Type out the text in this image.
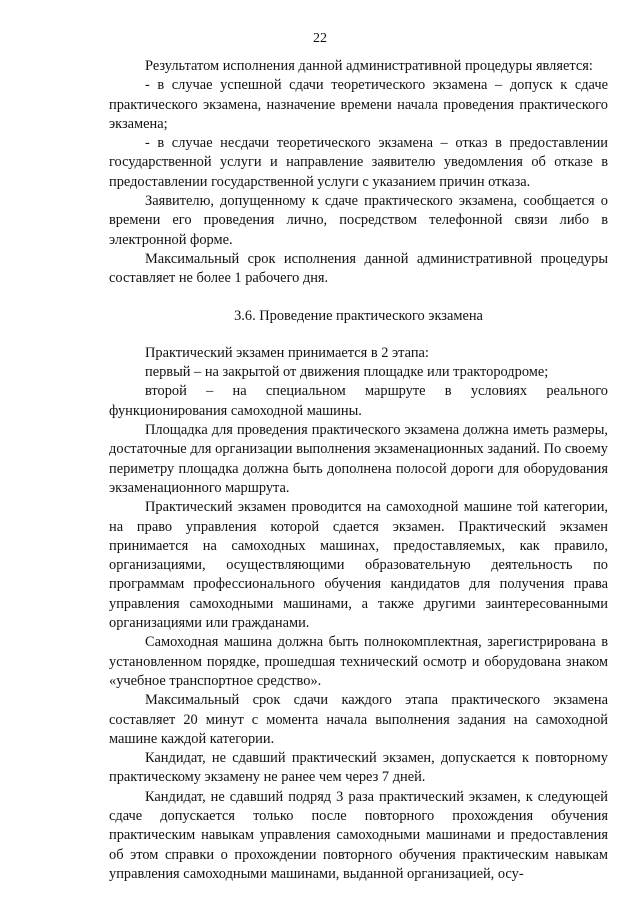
22

Результатом исполнения данной административной процедуры является:

- в случае успешной сдачи теоретического экзамена – допуск к сдаче практического экзамена, назначение времени начала проведения практического экзамена;

- в случае несдачи теоретического экзамена – отказ в предоставлении государственной услуги и направление заявителю уведомления об отказе в предоставлении государственной услуги с указанием причин отказа.

Заявителю, допущенному к сдаче практического экзамена, сообщается о времени его проведения лично, посредством телефонной связи либо в электронной форме.

Максимальный срок исполнения данной административной процедуры составляет не более 1 рабочего дня.

3.6. Проведение практического экзамена

Практический экзамен принимается в 2 этапа:

первый – на закрытой от движения площадке или трактородроме;

второй – на специальном маршруте в условиях реального функционирования самоходной машины.

Площадка для проведения практического экзамена должна иметь размеры, достаточные для организации выполнения экзаменационных заданий. По своему периметру площадка должна быть дополнена полосой дороги для оборудования экзаменационного маршрута.

Практический экзамен проводится на самоходной машине той категории, на право управления которой сдается экзамен. Практический экзамен принимается на самоходных машинах, предоставляемых, как правило, организациями, осуществляющими образовательную деятельность по программам профессионального обучения кандидатов для получения права управления самоходными машинами, а также другими заинтересованными организациями или гражданами.

Самоходная машина должна быть полнокомплектная, зарегистрирована в установленном порядке, прошедшая технический осмотр и оборудована знаком «учебное транспортное средство».

Максимальный срок сдачи каждого этапа практического экзамена составляет 20 минут с момента начала выполнения задания на самоходной машине каждой категории.

Кандидат, не сдавший практический экзамен, допускается к повторному практическому экзамену не ранее чем через 7 дней.

Кандидат, не сдавший подряд 3 раза практический экзамен, к следующей сдаче допускается только после повторного прохождения обучения практическим навыкам управления самоходными машинами и предоставления об этом справки о прохождении повторного обучения практическим навыкам управления самоходными машинами, выданной организацией, осу-
